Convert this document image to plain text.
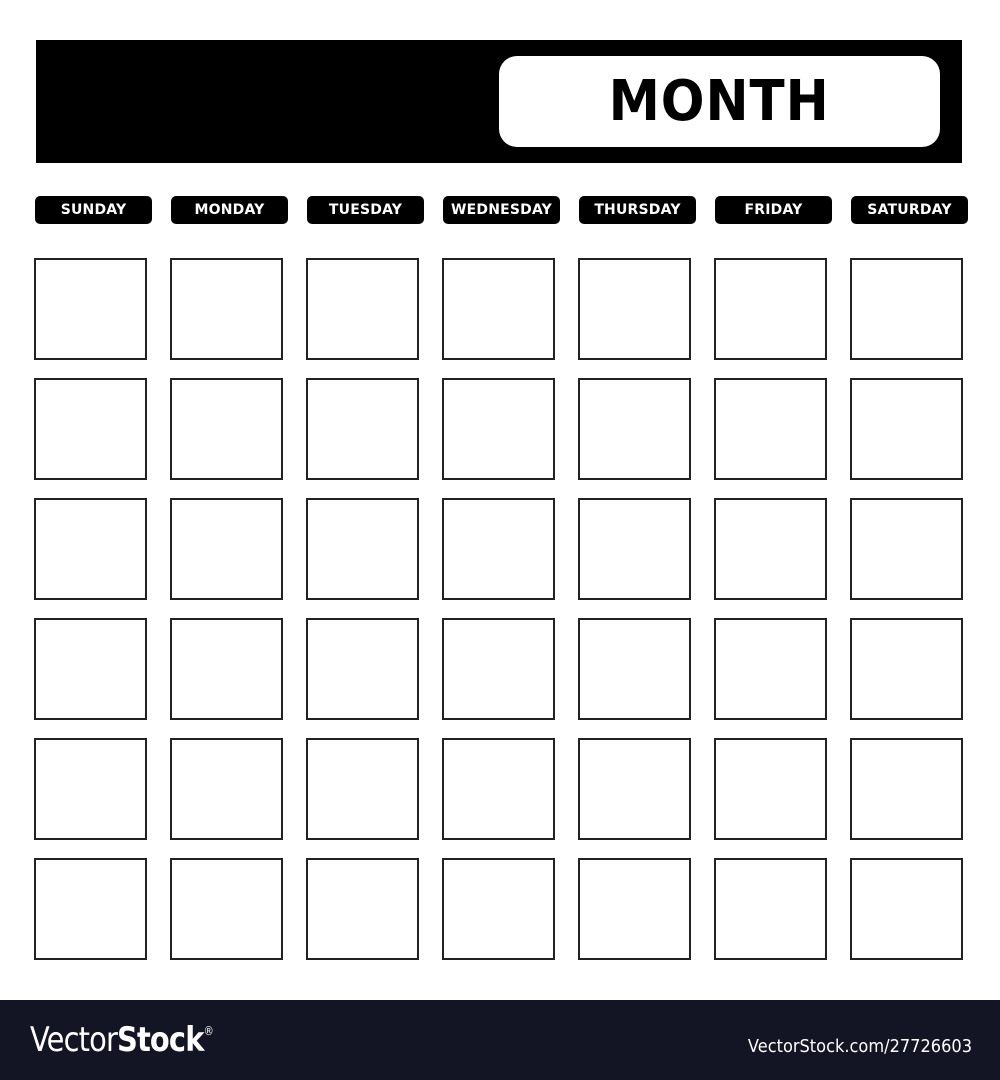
MONTH
SUNDAY	MONDAY	TUESDAY	WEDNESDAY	THURSDAY	FRIDAY	SATURDAY
VectorStock®
VectorStock.com/27726603
